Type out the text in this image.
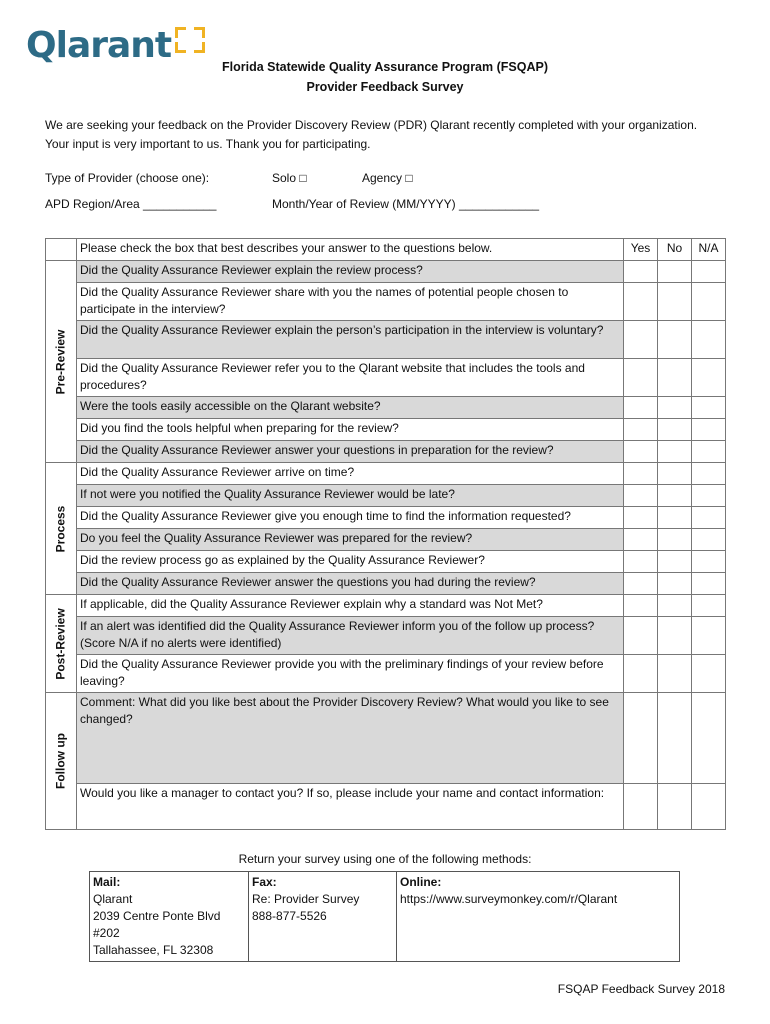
Qlarant
Florida Statewide Quality Assurance Program (FSQAP)
Provider Feedback Survey
We are seeking your feedback on the Provider Discovery Review (PDR) Qlarant recently completed with your organization. Your input is very important to us. Thank you for participating.
Type of Provider (choose one):	Solo □	Agency □
APD Region/Area ___________	Month/Year of Review (MM/YYYY) ____________
	Please check the box that best describes your answer to the questions below.	Yes	No	N/A

Pre-Review	Did the Quality Assurance Reviewer explain the review process?			
	Did the Quality Assurance Reviewer share with you the names of potential people chosen to participate in the interview?			
	Did the Quality Assurance Reviewer explain the person’s participation in the interview is voluntary?			
	Did the Quality Assurance Reviewer refer you to the Qlarant website that includes the tools and procedures?			
	Were the tools easily accessible on the Qlarant website?			
	Did you find the tools helpful when preparing for the review?			
	Did the Quality Assurance Reviewer answer your questions in preparation for the review?			

Process	Did the Quality Assurance Reviewer arrive on time?			
	If not were you notified the Quality Assurance Reviewer would be late?			
	Did the Quality Assurance Reviewer give you enough time to find the information requested?			
	Do you feel the Quality Assurance Reviewer was prepared for the review?			
	Did the review process go as explained by the Quality Assurance Reviewer?			
	Did the Quality Assurance Reviewer answer the questions you had during the review?			

Post-Review	If applicable, did the Quality Assurance Reviewer explain why a standard was Not Met?			
	If an alert was identified did the Quality Assurance Reviewer inform you of the follow up process? (Score N/A if no alerts were identified)			
	Did the Quality Assurance Reviewer provide you with the preliminary findings of your review before leaving?			

Follow up	Comment: What did you like best about the Provider Discovery Review? What would you like to see changed?			
	Would you like a manager to contact you? If so, please include your name and contact information:			
Return your survey using one of the following methods:
Mail:
Qlarant
2039 Centre Ponte Blvd
#202
Tallahassee, FL 32308

Fax:
Re: Provider Survey
888-877-5526

Online:
https://www.surveymonkey.com/r/Qlarant
FSQAP Feedback Survey 2018
